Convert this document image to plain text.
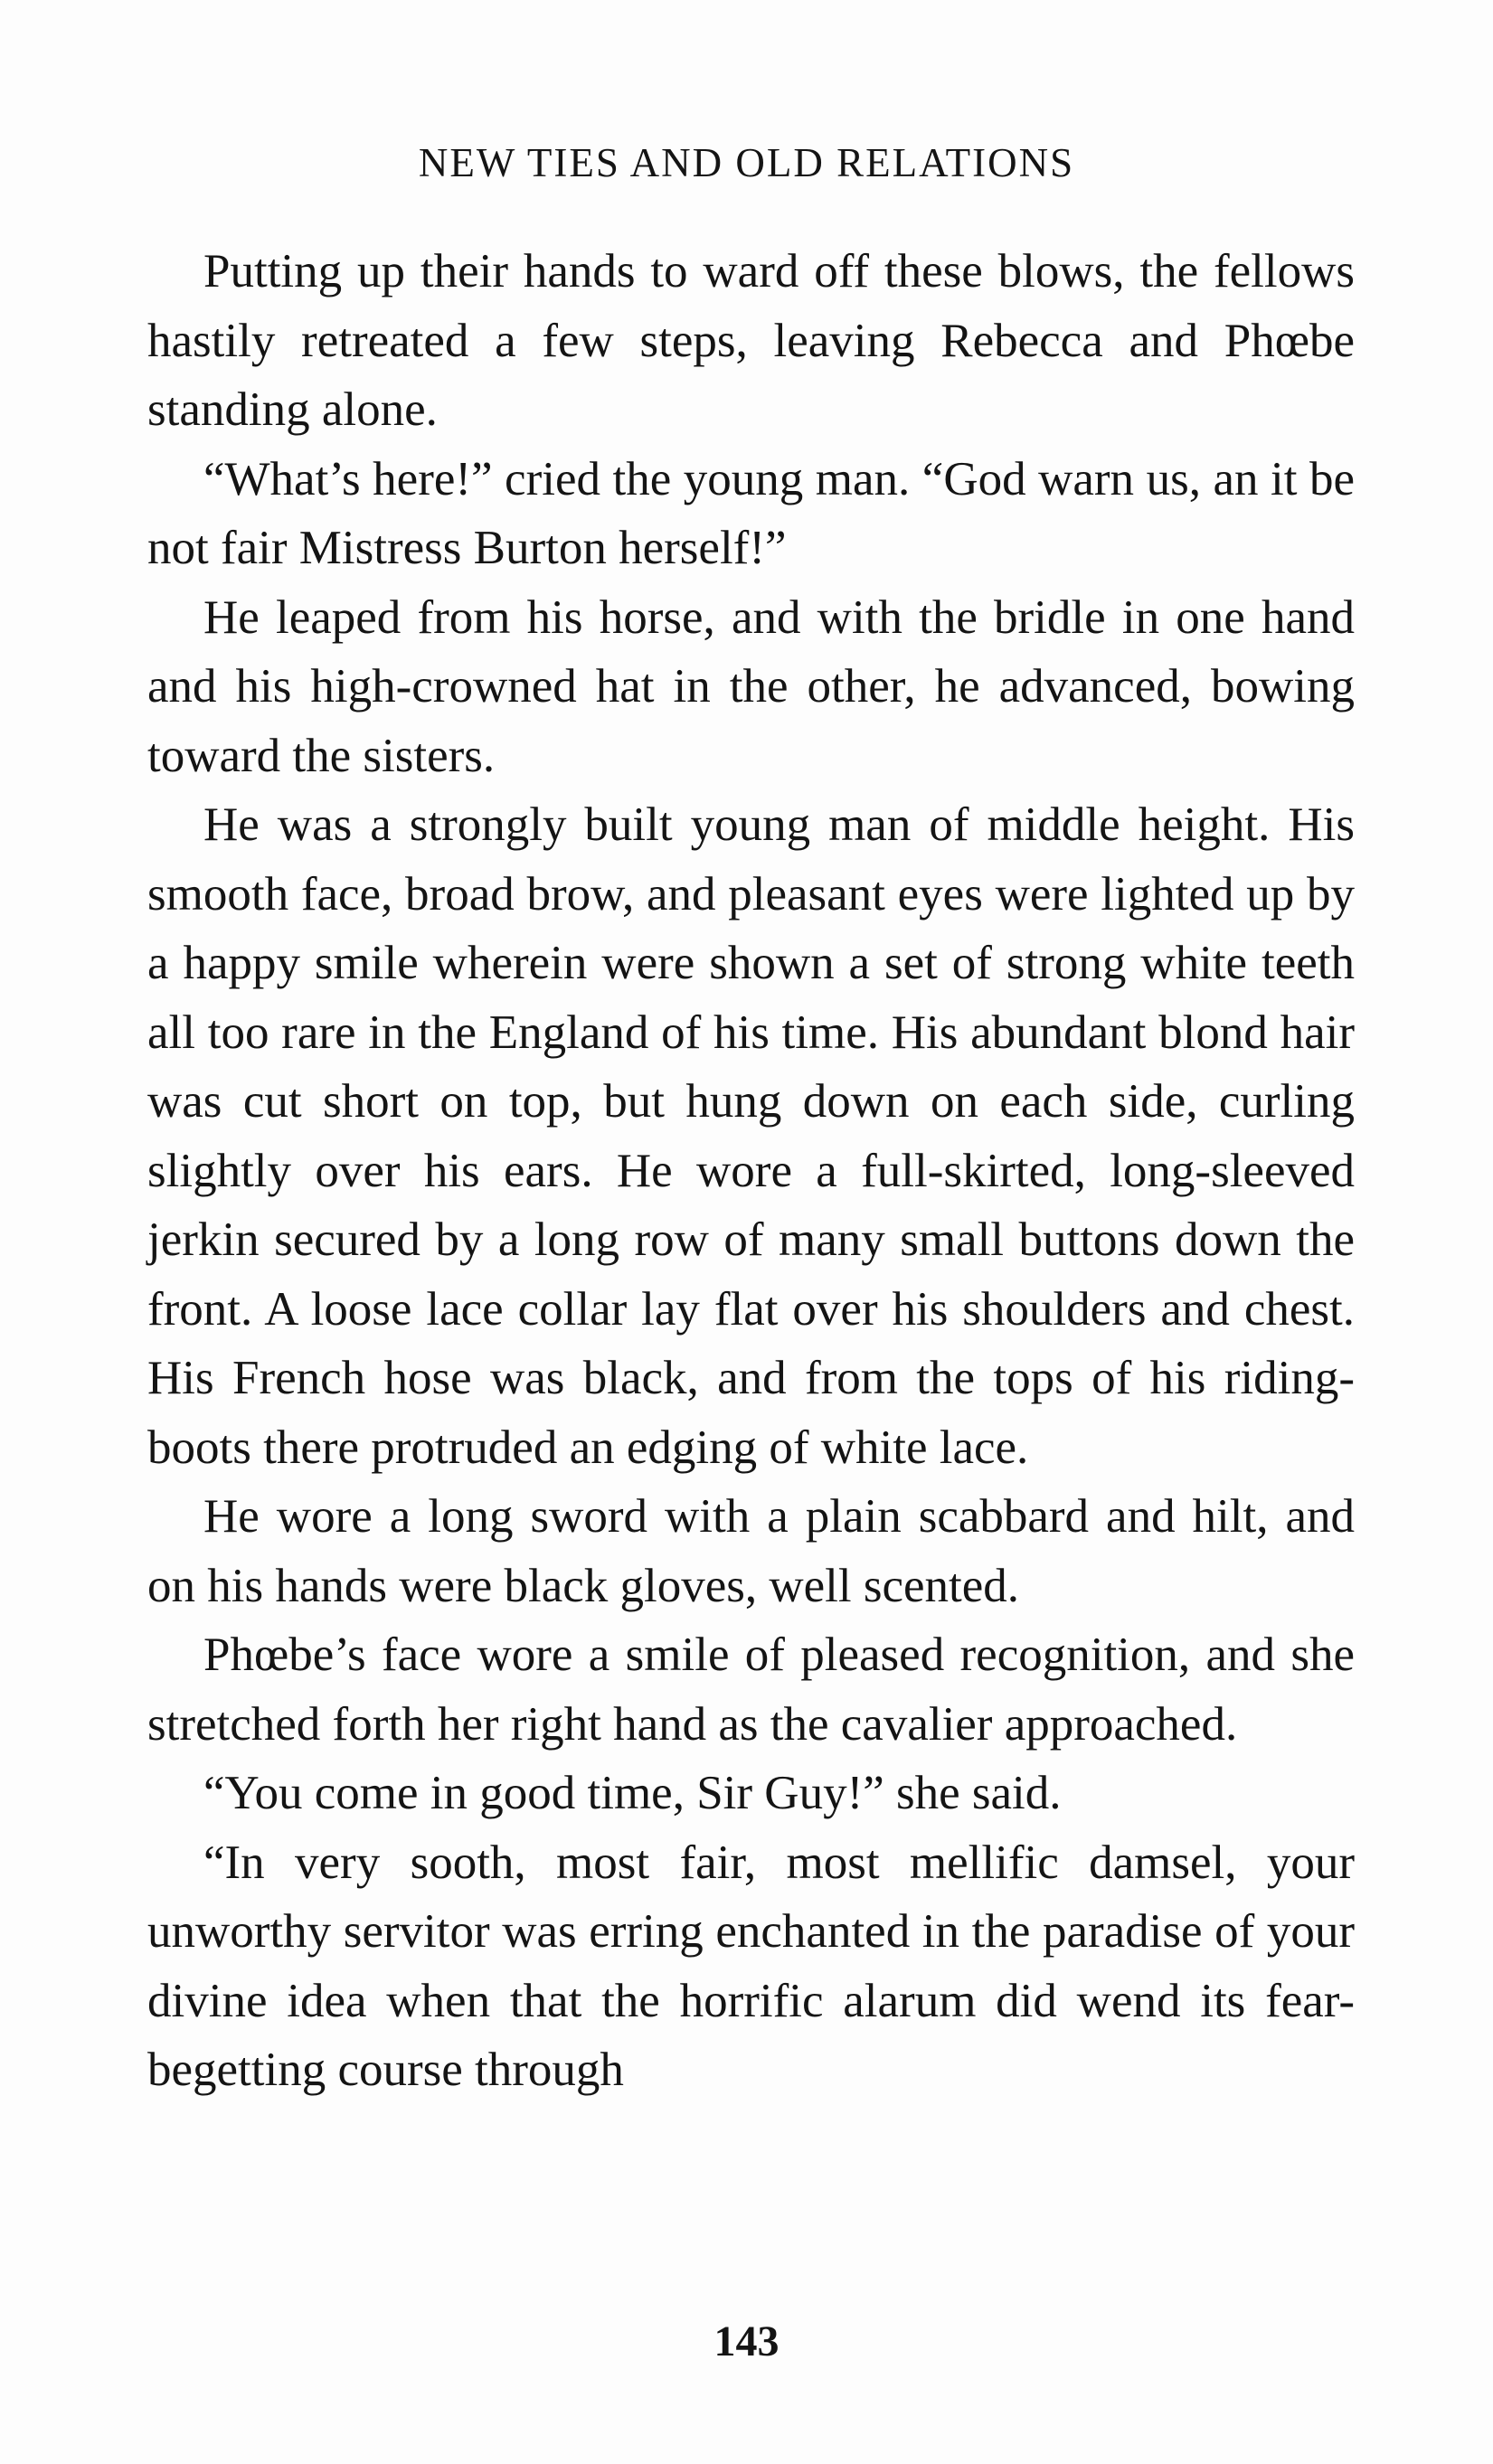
NEW TIES AND OLD RELATIONS

Putting up their hands to ward off these blows, the fellows hastily retreated a few steps, leaving Rebecca and Phœbe standing alone.

“What’s here!” cried the young man. “God warn us, an it be not fair Mistress Burton herself!”

He leaped from his horse, and with the bridle in one hand and his high-crowned hat in the other, he advanced, bowing toward the sisters.

He was a strongly built young man of middle height. His smooth face, broad brow, and pleasant eyes were lighted up by a happy smile wherein were shown a set of strong white teeth all too rare in the England of his time. His abundant blond hair was cut short on top, but hung down on each side, curling slightly over his ears. He wore a full-skirted, long-sleeved jerkin secured by a long row of many small buttons down the front. A loose lace collar lay flat over his shoulders and chest. His French hose was black, and from the tops of his riding-boots there protruded an edging of white lace.

He wore a long sword with a plain scabbard and hilt, and on his hands were black gloves, well scented.

Phœbe’s face wore a smile of pleased recognition, and she stretched forth her right hand as the cavalier approached.

“You come in good time, Sir Guy!” she said.

“In very sooth, most fair, most mellific damsel, your unworthy servitor was erring enchanted in the paradise of your divine idea when that the horrific alarum did wend its fear-begetting course through

143
